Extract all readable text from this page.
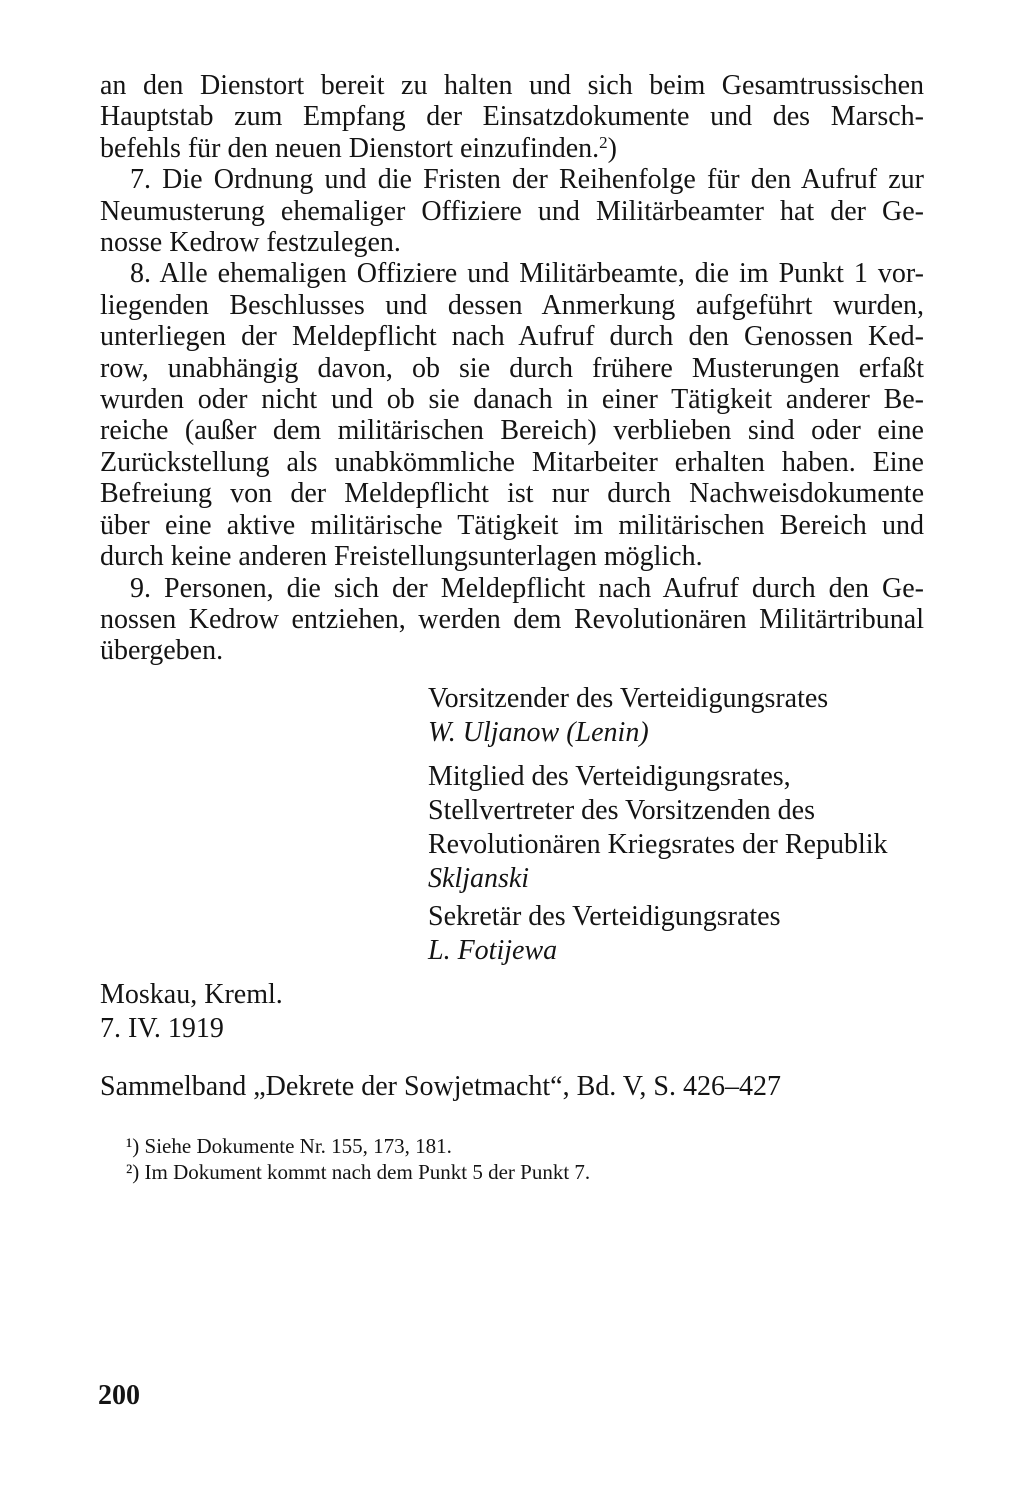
an den Dienstort bereit zu halten und sich beim Gesamtrussischen
Hauptstab zum Empfang der Einsatzdokumente und des Marsch-
befehls für den neuen Dienstort einzufinden.$^2$)
7. Die Ordnung und die Fristen der Reihenfolge für den Aufruf zur
Neumusterung ehemaliger Offiziere und Militärbeamter hat der Ge-
nosse Kedrow festzulegen.
8. Alle ehemaligen Offiziere und Militärbeamte, die im Punkt 1 vor-
liegenden Beschlusses und dessen Anmerkung aufgeführt wurden,
unterliegen der Meldepflicht nach Aufruf durch den Genossen Ked-
row, unabhängig davon, ob sie durch frühere Musterungen erfaßt
wurden oder nicht und ob sie danach in einer Tätigkeit anderer Be-
reiche (außer dem militärischen Bereich) verblieben sind oder eine
Zurückstellung als unabkömmliche Mitarbeiter erhalten haben. Eine
Befreiung von der Meldepflicht ist nur durch Nachweisdokumente
über eine aktive militärische Tätigkeit im militärischen Bereich und
durch keine anderen Freistellungsunterlagen möglich.
9. Personen, die sich der Meldepflicht nach Aufruf durch den Ge-
nossen Kedrow entziehen, werden dem Revolutionären Militärtribunal
übergeben.
Vorsitzender des Verteidigungsrates
W. Uljanow (Lenin)
Mitglied des Verteidigungsrates,
Stellvertreter des Vorsitzenden des
Revolutionären Kriegsrates der Republik
Skljanski
Sekretär des Verteidigungsrates
L. Fotijewa
Moskau, Kreml.
7. IV. 1919
Sammelband „Dekrete der Sowjetmacht“, Bd. V, S. 426–427
¹) Siehe Dokumente Nr. 155, 173, 181.
²) Im Dokument kommt nach dem Punkt 5 der Punkt 7.
200
